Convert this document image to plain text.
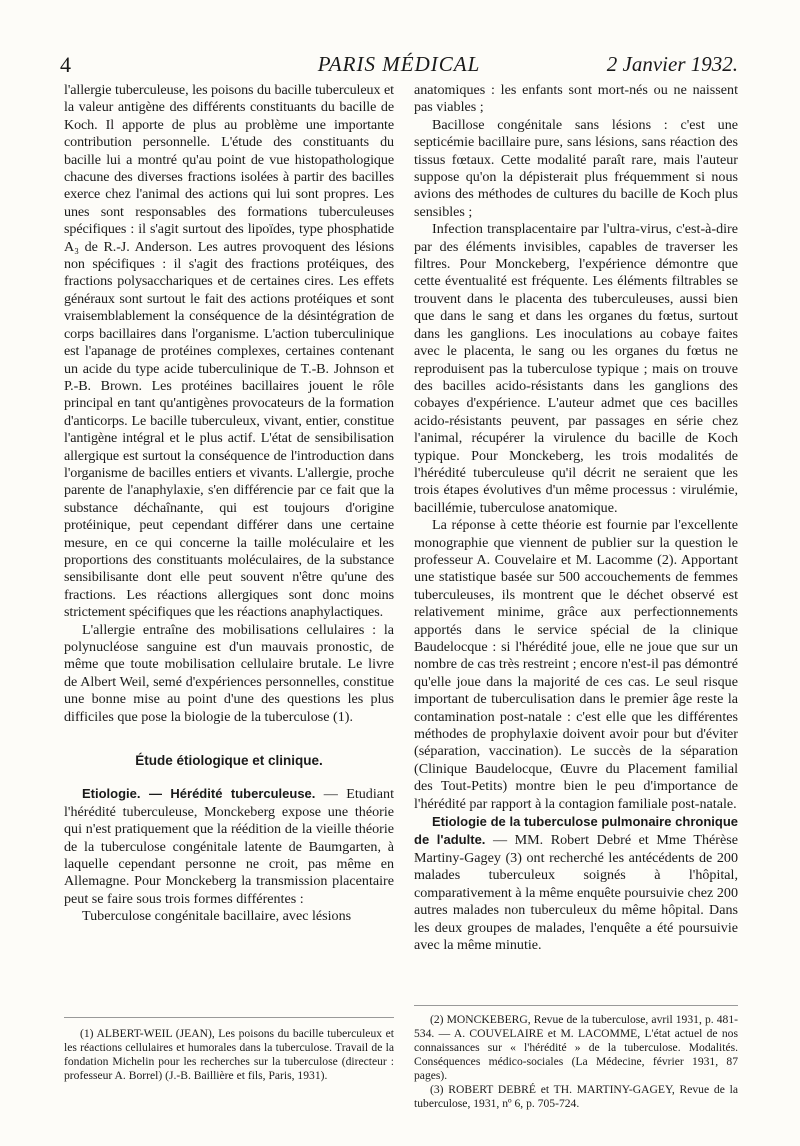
4	PARIS MÉDICAL	2 Janvier 1932.

l'allergie tuberculeuse, les poisons du bacille tuberculeux et la valeur antigène des différents constituants du bacille de Koch. Il apporte de plus au problème une importante contribution personnelle. L'étude des constituants du bacille lui a montré qu'au point de vue histopathologique chacune des diverses fractions isolées à partir des bacilles exerce chez l'animal des actions qui lui sont propres. Les unes sont responsables des formations tuberculeuses spécifiques : il s'agit surtout des lipoïdes, type phosphatide A₃ de R.-J. Anderson. Les autres provoquent des lésions non spécifiques : il s'agit des fractions protéiques, des fractions polysacchariques et de certaines cires. Les effets généraux sont surtout le fait des actions protéiques et sont vraisemblablement la conséquence de la désintégration de corps bacillaires dans l'organisme. L'action tuberculinique est l'apanage de protéines complexes, certaines contenant un acide du type acide tuberculinique de T.-B. Johnson et P.-B. Brown. Les protéines bacillaires jouent le rôle principal en tant qu'antigènes provocateurs de la formation d'anticorps. Le bacille tuberculeux, vivant, entier, constitue l'antigène intégral et le plus actif. L'état de sensibilisation allergique est surtout la conséquence de l'introduction dans l'organisme de bacilles entiers et vivants. L'allergie, proche parente de l'anaphylaxie, s'en différencie par ce fait que la substance déchaînante, qui est toujours d'origine protéinique, peut cependant différer dans une certaine mesure, en ce qui concerne la taille moléculaire et les proportions des constituants moléculaires, de la substance sensibilisante dont elle peut souvent n'être qu'une des fractions. Les réactions allergiques sont donc moins strictement spécifiques que les réactions anaphylactiques.

L'allergie entraîne des mobilisations cellulaires : la polynucléose sanguine est d'un mauvais pronostic, de même que toute mobilisation cellulaire brutale. Le livre de Albert Weil, semé d'expériences personnelles, constitue une bonne mise au point d'une des questions les plus difficiles que pose la biologie de la tuberculose (1).

Étude étiologique et clinique.

Etiologie. — Hérédité tuberculeuse. — Etudiant l'hérédité tuberculeuse, Monckeberg expose une théorie qui n'est pratiquement que la réédition de la vieille théorie de la tuberculose congénitale latente de Baumgarten, à laquelle cependant personne ne croit, pas même en Allemagne. Pour Monckeberg la transmission placentaire peut se faire sous trois formes différentes :

Tuberculose congénitale bacillaire, avec lésions

(1) ALBERT-WEIL (JEAN), Les poisons du bacille tuberculeux et les réactions cellulaires et humorales dans la tuberculose. Travail de la fondation Michelin pour les recherches sur la tuberculose (directeur : professeur A. Borrel) (J.-B. Baillière et fils, Paris, 1931).

anatomiques : les enfants sont mort-nés ou ne naissent pas viables ;

Bacillose congénitale sans lésions : c'est une septicémie bacillaire pure, sans lésions, sans réaction des tissus fœtaux. Cette modalité paraît rare, mais l'auteur suppose qu'on la dépisterait plus fréquemment si nous avions des méthodes de cultures du bacille de Koch plus sensibles ;

Infection transplacentaire par l'ultra-virus, c'est-à-dire par des éléments invisibles, capables de traverser les filtres. Pour Monckeberg, l'expérience démontre que cette éventualité est fréquente. Les éléments filtrables se trouvent dans le placenta des tuberculeuses, aussi bien que dans le sang et dans les organes du fœtus, surtout dans les ganglions. Les inoculations au cobaye faites avec le placenta, le sang ou les organes du fœtus ne reproduisent pas la tuberculose typique ; mais on trouve des bacilles acido-résistants dans les ganglions des cobayes d'expérience. L'auteur admet que ces bacilles acido-résistants peuvent, par passages en série chez l'animal, récupérer la virulence du bacille de Koch typique. Pour Monckeberg, les trois modalités de l'hérédité tuberculeuse qu'il décrit ne seraient que les trois étapes évolutives d'un même processus : virulémie, bacillémie, tuberculose anatomique.

La réponse à cette théorie est fournie par l'excellente monographie que viennent de publier sur la question le professeur A. Couvelaire et M. Lacomme (2). Apportant une statistique basée sur 500 accouchements de femmes tuberculeuses, ils montrent que le déchet observé est relativement minime, grâce aux perfectionnements apportés dans le service spécial de la clinique Baudelocque : si l'hérédité joue, elle ne joue que sur un nombre de cas très restreint ; encore n'est-il pas démontré qu'elle joue dans la majorité de ces cas. Le seul risque important de tuberculisation dans le premier âge reste la contamination post-natale : c'est elle que les différentes méthodes de prophylaxie doivent avoir pour but d'éviter (séparation, vaccination). Le succès de la séparation (Clinique Baudelocque, Œuvre du Placement familial des Tout-Petits) montre bien le peu d'importance de l'hérédité par rapport à la contagion familiale post-natale.

Etiologie de la tuberculose pulmonaire chronique de l'adulte. — MM. Robert Debré et Mme Thérèse Martiny-Gagey (3) ont recherché les antécédents de 200 malades tuberculeux soignés à l'hôpital, comparativement à la même enquête poursuivie chez 200 autres malades non tuberculeux du même hôpital. Dans les deux groupes de malades, l'enquête a été poursuivie avec la même minutie.

(2) MONCKEBERG, Revue de la tuberculose, avril 1931, p. 481-534. — A. COUVELAIRE et M. LACOMME, L'état actuel de nos connaissances sur « l'hérédité » de la tuberculose. Modalités. Conséquences médico-sociales (La Médecine, février 1931, 87 pages).

(3) ROBERT DEBRÉ et TH. MARTINY-GAGEY, Revue de la tuberculose, 1931, nº 6, p. 705-724.
